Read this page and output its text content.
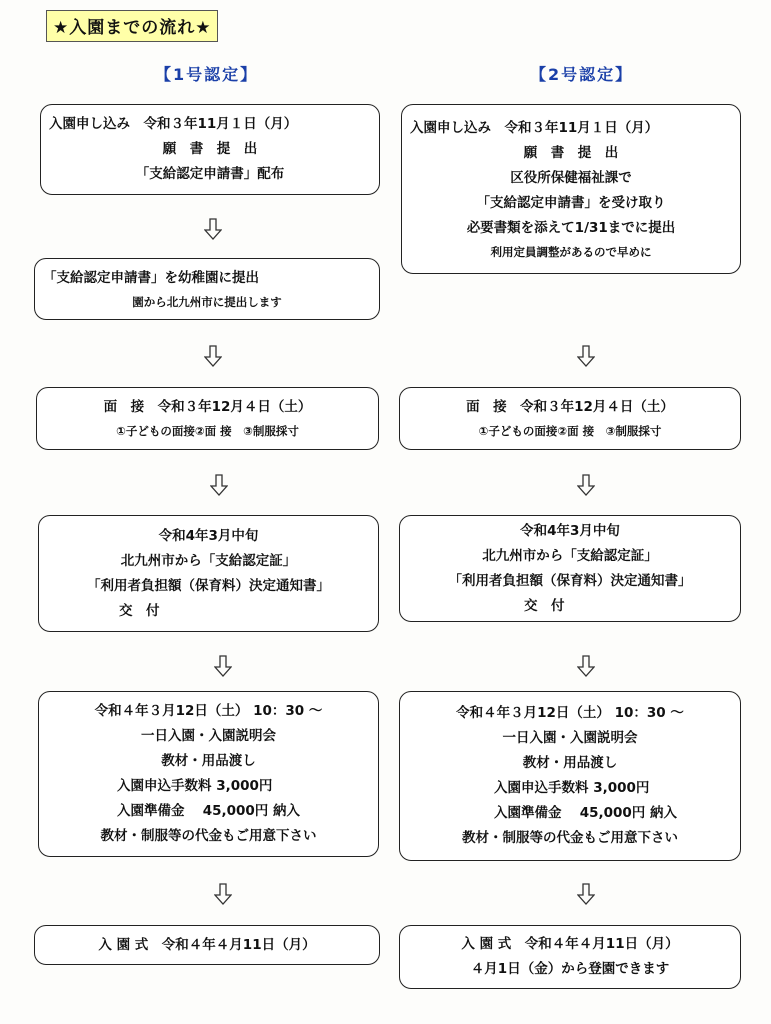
★入園までの流れ★
【1号認定】	【2号認定】
入園申し込み　令和３年11月１日（月）
願　書　提　出
「支給認定申請書」配布
「支給認定申請書」を幼稚園に提出
園から北九州市に提出します
面　接　令和３年12月４日（土）
①子どもの面接②面 接　③制服採寸
令和4年3月中旬
北九州市から「支給認定証」
「利用者負担額（保育料）決定通知書」
交　付
令和４年３月12日（土） 10：30 ～
一日入園・入園説明会
教材・用品渡し
入園申込手数料 3,000円
入園準備金　 45,000円 納入
教材・制服等の代金もご用意下さい
入 園 式　令和４年４月11日（月）
入園申し込み　令和３年11月１日（月）
願　書　提　出
区役所保健福祉課で
「支給認定申請書」を受け取り
必要書類を添えて1/31までに提出
利用定員調整があるので早めに
面　接　令和３年12月４日（土）
①子どもの面接②面 接　③制服採寸
令和4年3月中旬
北九州市から「支給認定証」
「利用者負担額（保育料）決定通知書」
交　付
令和４年３月12日（土） 10：30 ～
一日入園・入園説明会
教材・用品渡し
入園申込手数料 3,000円
入園準備金　 45,000円 納入
教材・制服等の代金もご用意下さい
入 園 式　令和４年４月11日（月）
４月1日（金）から登園できます
